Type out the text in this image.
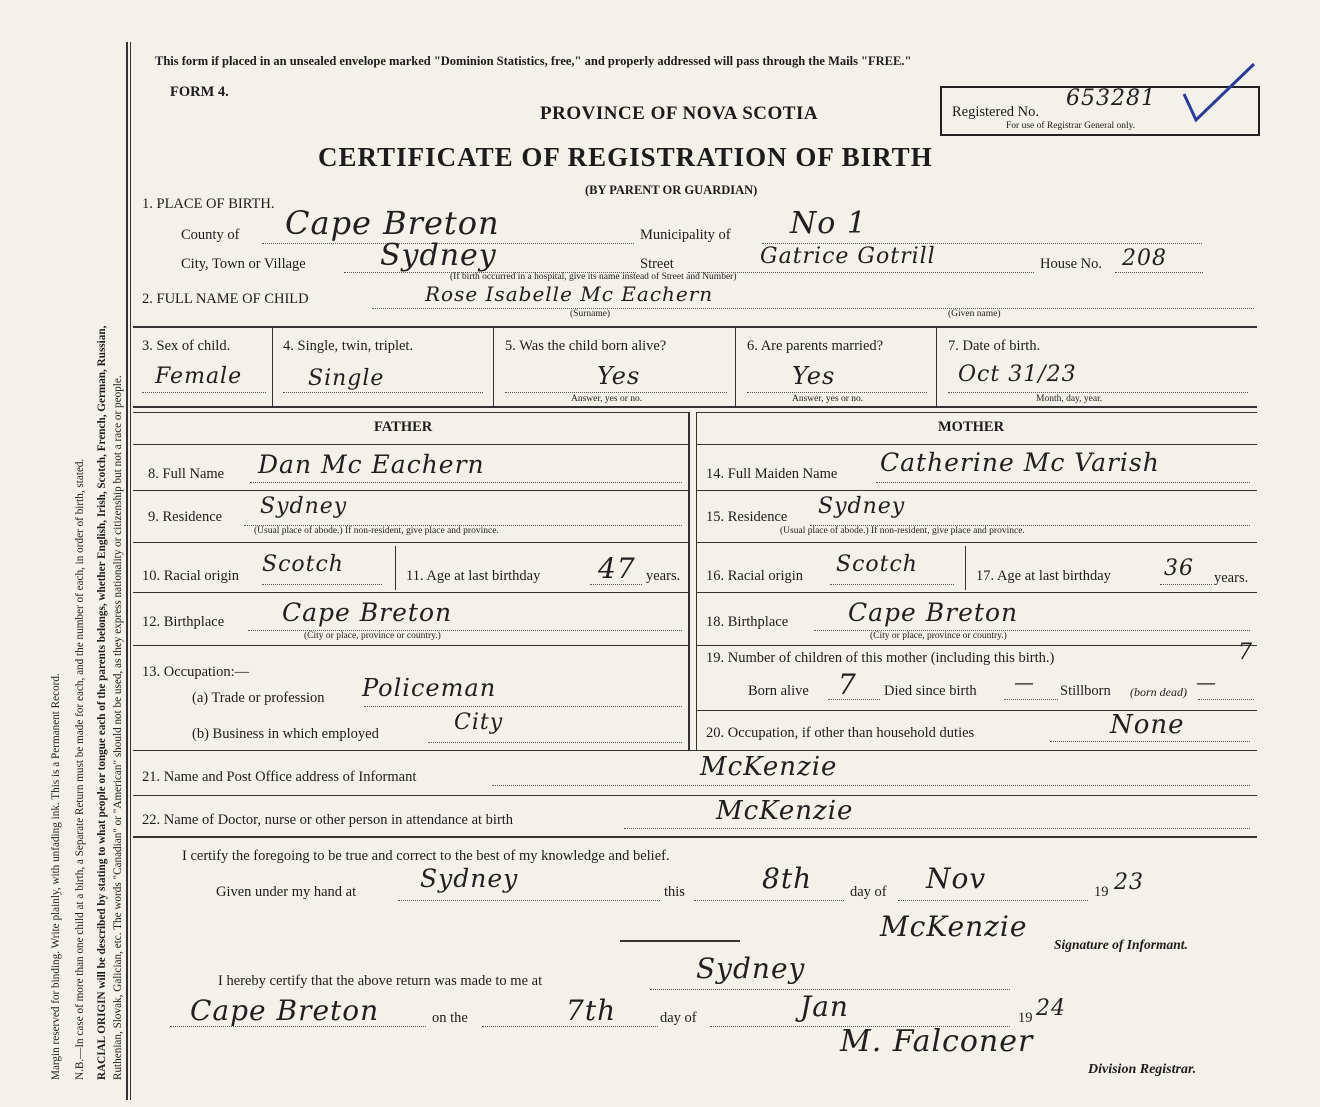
Margin reserved for binding. Write plainly, with unfading ink. This is a Permanent Record. N.B.—In case of more than one child at a birth, a Separate Return must be made for each, and the number of each, in order of birth, stated. RACIAL ORIGIN will be described by stating to what people or tongue each of the parents belongs, whether English, Irish, Scotch, French, German, Russian, Ruthenian, Slovak, Galician, etc. The words "Canadian" or "American" should not be used, as they express nationality or citizenship but not a race or people.
This form if placed in an unsealed envelope marked "Dominion Statistics, free," and properly addressed will pass through the Mails "FREE."
FORM 4.
PROVINCE OF NOVA SCOTIA
CERTIFICATE OF REGISTRATION OF BIRTH
(BY PARENT OR GUARDIAN)
Registered No.
653281
For use of Registrar General only.
1. PLACE OF BIRTH.
County of Cape Breton	Municipality of No 1
City, Town or Village Sydney	Street	Gatrice Gotrill	House No. 208
(If birth occurred in a hospital, give its name instead of Street and Number)
2. FULL NAME OF CHILD	Rose Isabelle Mc Eachern
(Surname)	(Given name)
3. Sex of child.
Female
4. Single, twin, triplet.
Single
5. Was the child born alive?
Yes
Answer, yes or no.
6. Are parents married?
Yes
Answer, yes or no.
7. Date of birth.
Oct 31/23
Month, day, year.
FATHER	MOTHER
8. Full Name Dan Mc Eachern
9. Residence Sydney
(Usual place of abode.) If non-resident, give place and province.
10. Racial origin Scotch	11. Age at last birthday 47 years.
12. Birthplace Cape Breton
(City or place, province or country.)
13. Occupation:—
(a) Trade or profession Policeman
(b) Business in which employed	City
14. Full Maiden Name Catherine Mc Varish
15. Residence Sydney
(Usual place of abode.) If non-resident, give place and province.
16. Racial origin Scotch	17. Age at last birthday 36 years.
18. Birthplace Cape Breton
(City or place, province or country.)
19. Number of children of this mother (including this birth.)	7
Born alive 7 Died since birth — Stillborn (born dead) —
20. Occupation, if other than household duties	None
21. Name and Post Office address of Informant	McKenzie
22. Name of Doctor, nurse or other person in attendance at birth	McKenzie
I certify the foregoing to be true and correct to the best of my knowledge and belief.
Given under my hand at	Sydney	this	8th	day of Nov	19 23
McKenzie
Signature of Informant.
I hereby certify that the above return was made to me at	Sydney
Cape Breton	on the	7th	day of	Jan	19 24
M. Falconer
Division Registrar.
